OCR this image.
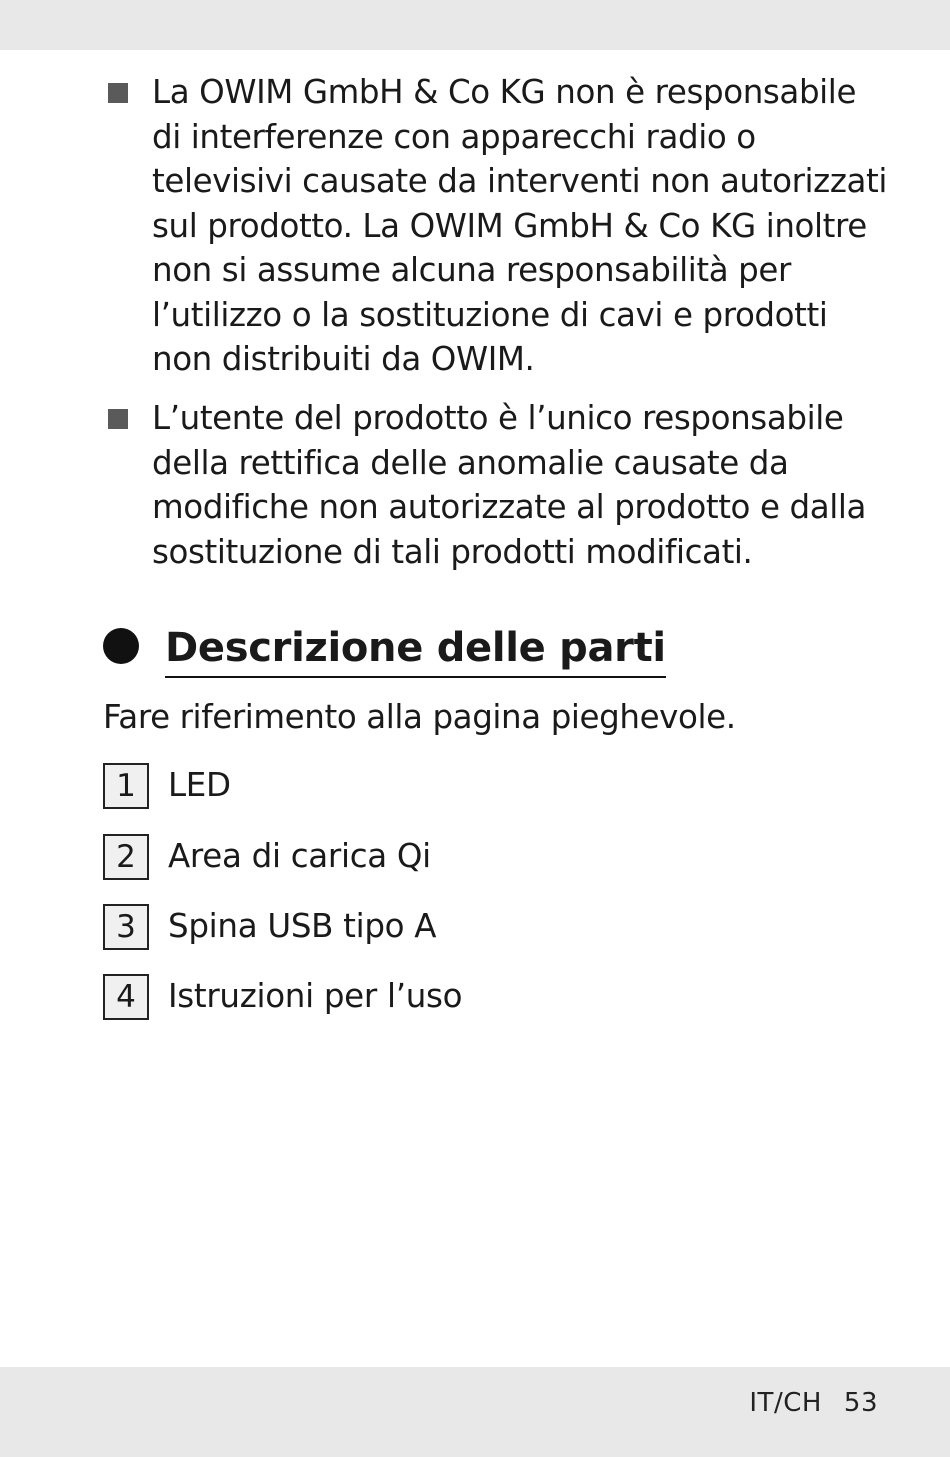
La OWIM GmbH & Co KG non è responsabile di interferenze con apparecchi radio o televisivi causate da interventi non autorizzati sul prodotto. La OWIM GmbH & Co KG inoltre non si assume alcuna responsabilità per l’utilizzo o la sostituzione di cavi e prodotti non distribuiti da OWIM.
L’utente del prodotto è l’unico responsabile della rettifica delle anomalie causate da modifiche non autorizzate al prodotto e dalla sostituzione di tali prodotti modificati.
Descrizione delle parti
Fare riferimento alla pagina pieghevole.
1 LED
2 Area di carica Qi
3 Spina USB tipo A
4 Istruzioni per l’uso
IT/CH 53
